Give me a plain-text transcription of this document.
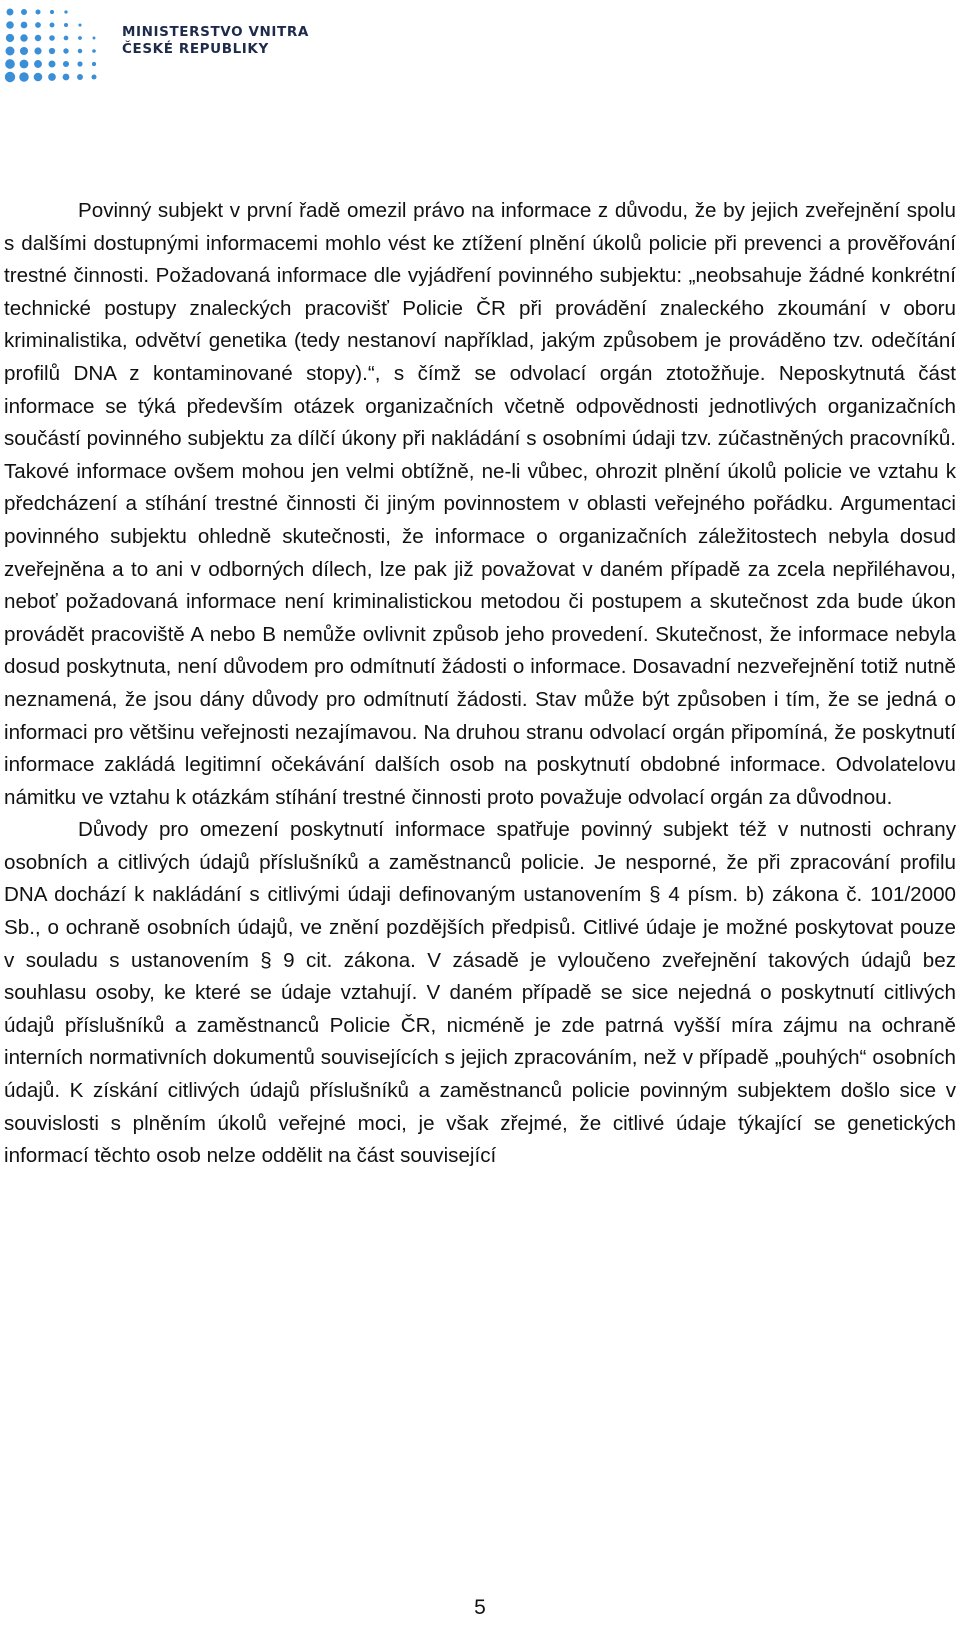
MINISTERSTVO VNITRA
ČESKÉ REPUBLIKY

Povinný subjekt v první řadě omezil právo na informace z důvodu, že by jejich zveřejnění spolu s dalšími dostupnými informacemi mohlo vést ke ztížení plnění úkolů policie při prevenci a prověřování trestné činnosti. Požadovaná informace dle vyjádření povinného subjektu: „neobsahuje žádné konkrétní technické postupy znaleckých pracovišť Policie ČR při provádění znaleckého zkoumání v oboru kriminalistika, odvětví genetika (tedy nestanoví například, jakým způsobem je prováděno tzv. odečítání profilů DNA z kontaminované stopy).“, s čímž se odvolací orgán ztotožňuje. Neposkytnutá část informace se týká především otázek organizačních včetně odpovědnosti jednotlivých organizačních součástí povinného subjektu za dílčí úkony při nakládání s osobními údaji tzv. zúčastněných pracovníků. Takové informace ovšem mohou jen velmi obtížně, ne-li vůbec, ohrozit plnění úkolů policie ve vztahu k předcházení a stíhání trestné činnosti či jiným povinnostem v oblasti veřejného pořádku. Argumentaci povinného subjektu ohledně skutečnosti, že informace o organizačních záležitostech nebyla dosud zveřejněna a to ani v odborných dílech, lze pak již považovat v daném případě za zcela nepřiléhavou, neboť požadovaná informace není kriminalistickou metodou či postupem a skutečnost zda bude úkon provádět pracoviště A nebo B nemůže ovlivnit způsob jeho provedení. Skutečnost, že informace nebyla dosud poskytnuta, není důvodem pro odmítnutí žádosti o informace. Dosavadní nezveřejnění totiž nutně neznamená, že jsou dány důvody pro odmítnutí žádosti. Stav může být způsoben i tím, že se jedná o informaci pro většinu veřejnosti nezajímavou. Na druhou stranu odvolací orgán připomíná, že poskytnutí informace zakládá legitimní očekávání dalších osob na poskytnutí obdobné informace. Odvolatelovu námitku ve vztahu k otázkám stíhání trestné činnosti proto považuje odvolací orgán za důvodnou.

Důvody pro omezení poskytnutí informace spatřuje povinný subjekt též v nutnosti ochrany osobních a citlivých údajů příslušníků a zaměstnanců policie. Je nesporné, že při zpracování profilu DNA dochází k nakládání s citlivými údaji definovaným ustanovením § 4 písm. b) zákona č. 101/2000 Sb., o ochraně osobních údajů, ve znění pozdějších předpisů. Citlivé údaje je možné poskytovat pouze v souladu s ustanovením § 9 cit. zákona. V zásadě je vyloučeno zveřejnění takových údajů bez souhlasu osoby, ke které se údaje vztahují. V daném případě se sice nejedná o poskytnutí citlivých údajů příslušníků a zaměstnanců Policie ČR, nicméně je zde patrná vyšší míra zájmu na ochraně interních normativních dokumentů souvisejících s jejich zpracováním, než v případě „pouhých“ osobních údajů. K získání citlivých údajů příslušníků a zaměstnanců policie povinným subjektem došlo sice v souvislosti s plněním úkolů veřejné moci, je však zřejmé, že citlivé údaje týkající se genetických informací těchto osob nelze oddělit na část související

5
